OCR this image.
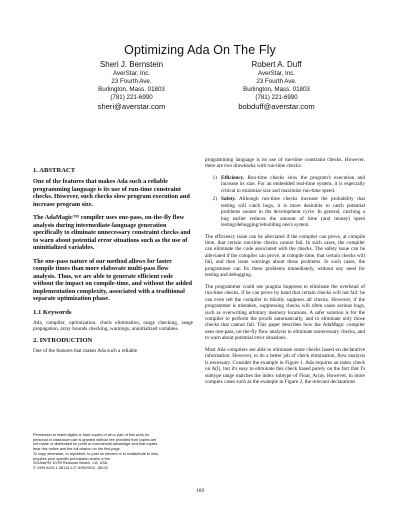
Optimizing Ada On The Fly
Sheri J. Bernstein
AverStar, Inc.
23 Fourth Ave.
Burlington, Mass. 01803
(781) 221-6990
sheri@averstar.com
Robert A. Duff
AverStar, Inc.
23 Fourth Ave.
Burlington, Mass. 01803
(781) 221-6990
bobduff@averstar.com
1. ABSTRACT
One of the features that makes Ada such a reliable programming language is its use of run-time constraint checks. However, such checks slow program execution and increase program size.
The AdaMagic™ compiler uses one-pass, on-the-fly flow analysis during intermediate-language generation specifically to eliminate unnecessary constraint checks and to warn about potential error situations such as the use of uninitialized variables.
The one-pass nature of our method allows for faster compile times than more elaborate multi-pass flow analysis. Thus, we are able to generate efficient code without the impact on compile-time, and without the added implementation complexity, associated with a traditional separate optimization phase.
1.1 Keywords
Ada, compiler, optimization, check elimination, range checking, range propagation, array bounds checking, warnings, uninitialized variables.
2. INTRODUCTION
One of the features that makes Ada such a reliable
programming language is its use of run-time constraint checks. However, there are two drawbacks with run-time checks:
1) Efficiency. Run-time checks slow the program's execution and increase its size. For an embedded real-time system, it is especially critical to minimize size and maximize run-time speed.
2) Safety. Although run-time checks increase the probability that testing will catch bugs, it is more desirable to catch potential problems sooner in the development cycle. In general, catching a bug earlier reduces the amount of time (and money) spent testing/debugging/rebuilding one's system.
The efficiency issue can be alleviated if the compiler can prove, at compile time, that certain run-time checks cannot fail. In such cases, the compiler can eliminate the code associated with the checks. The safety issue can be alleviated if the compiler can prove, at compile time, that certain checks will fail, and then issue warnings about these problems. In such cases, the programmer can fix these problems immediately, without any need for testing and debugging.
The programmer could use pragma Suppress to eliminate the overhead of run-time checks, if he can prove by hand that certain checks will not fail; he can even tell the compiler to blindly suppress all checks. However, if the programmer is mistaken, suppressing checks will often cause serious bugs, such as overwriting arbitrary memory locations. A safer solution is for the compiler to perform the proofs automatically, and to eliminate only those checks that cannot fail. This paper describes how the AdaMagic compiler uses one-pass, on-the-fly flow analysis to eliminate unnecessary checks, and to warn about potential error situations.
Most Ada compilers are able to eliminate some checks based on declarative information. However, to do a better job of check elimination, flow analysis is necessary. Consider the example in Figure 1. Ada requires an index check on A(I), but it's easy to eliminate this check based purely on the fact that I's subtype range matches the index subtype of Float_Array. However, in more complex cases such as the example in Figure 2, the relevant declarations
Permission to make digital or hard copies of all or part of this work for
personal or classroom use is granted without fee provided that copies are
not made or distributed for profit or commercial advantage and that copies
bear this notice and the full citation on the first page.
To copy otherwise, to republish, to post on servers or to redistribute to lists,
requires prior specific permission and/or a fee.
SIGAda'99 10/99 Redondo Beach, CA, USA
© 1999 ACM 1-58113-127-5/99/0010...$5.00
169
